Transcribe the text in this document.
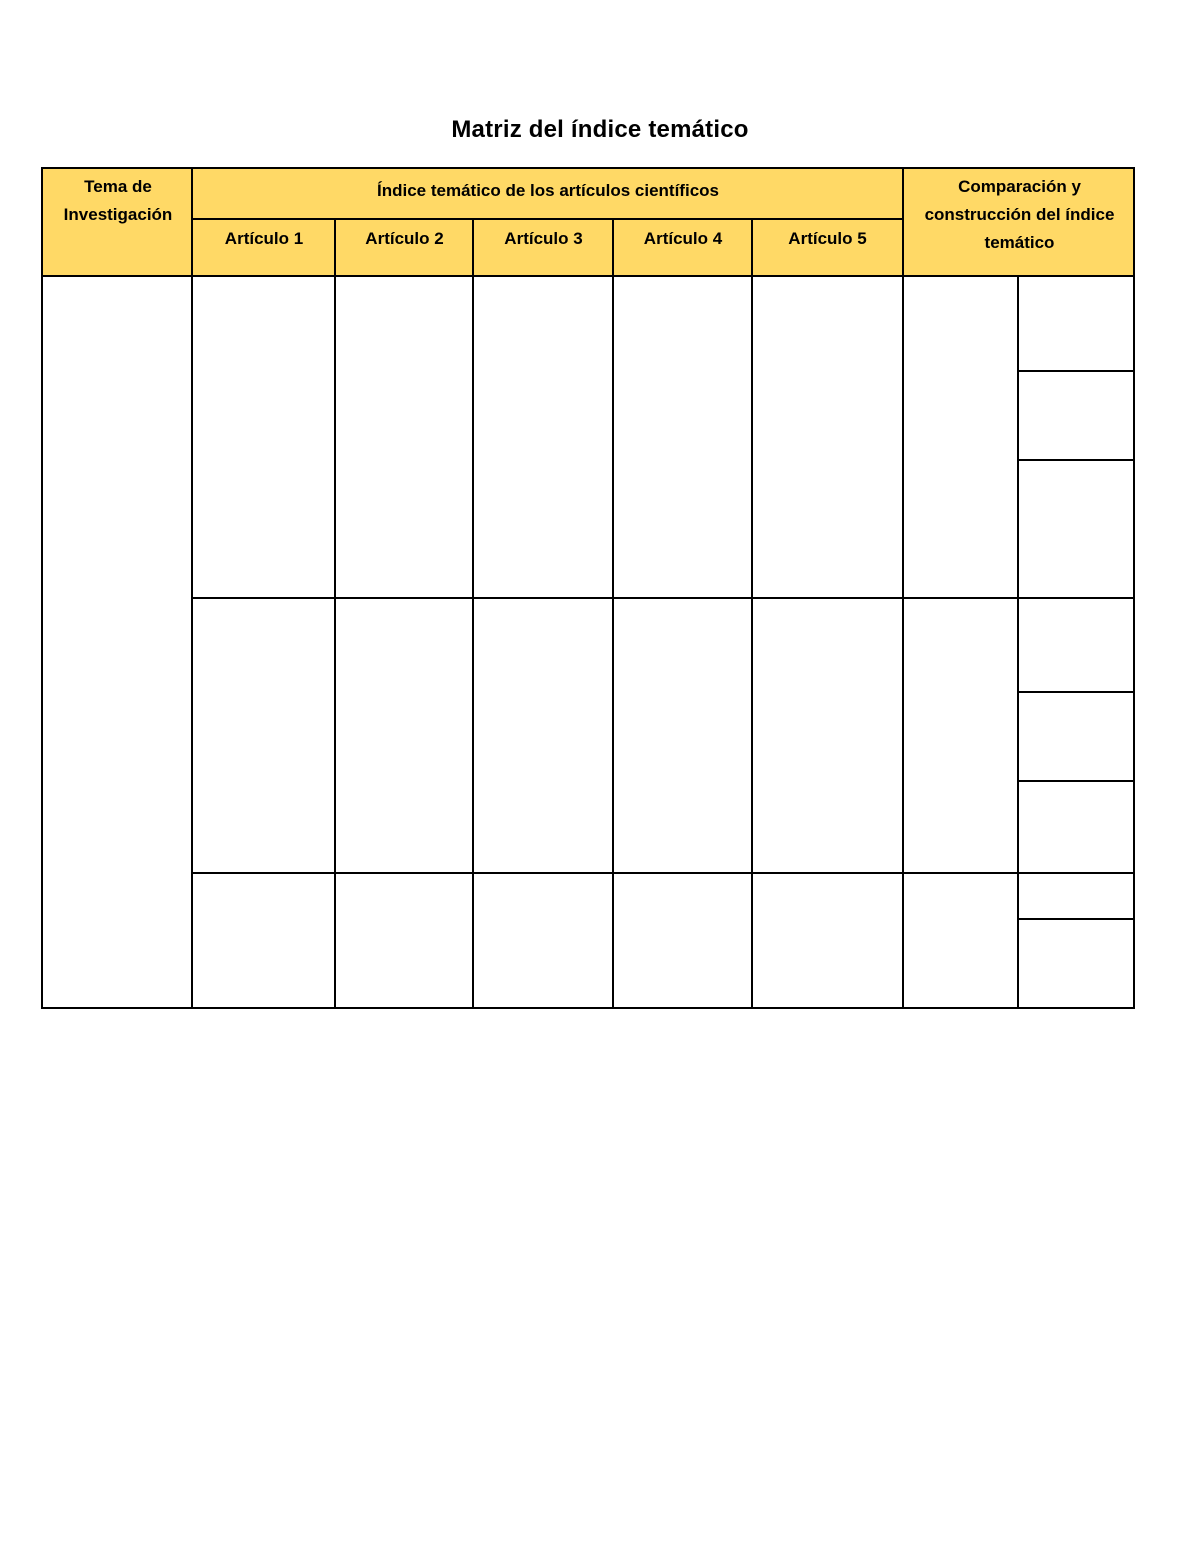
Matriz del índice temático
Tema de Investigación
Índice temático de los artículos científicos	Comparación y construcción del índice temático
Artículo 1	Artículo 2	Artículo 3	Artículo 4	Artículo 5
